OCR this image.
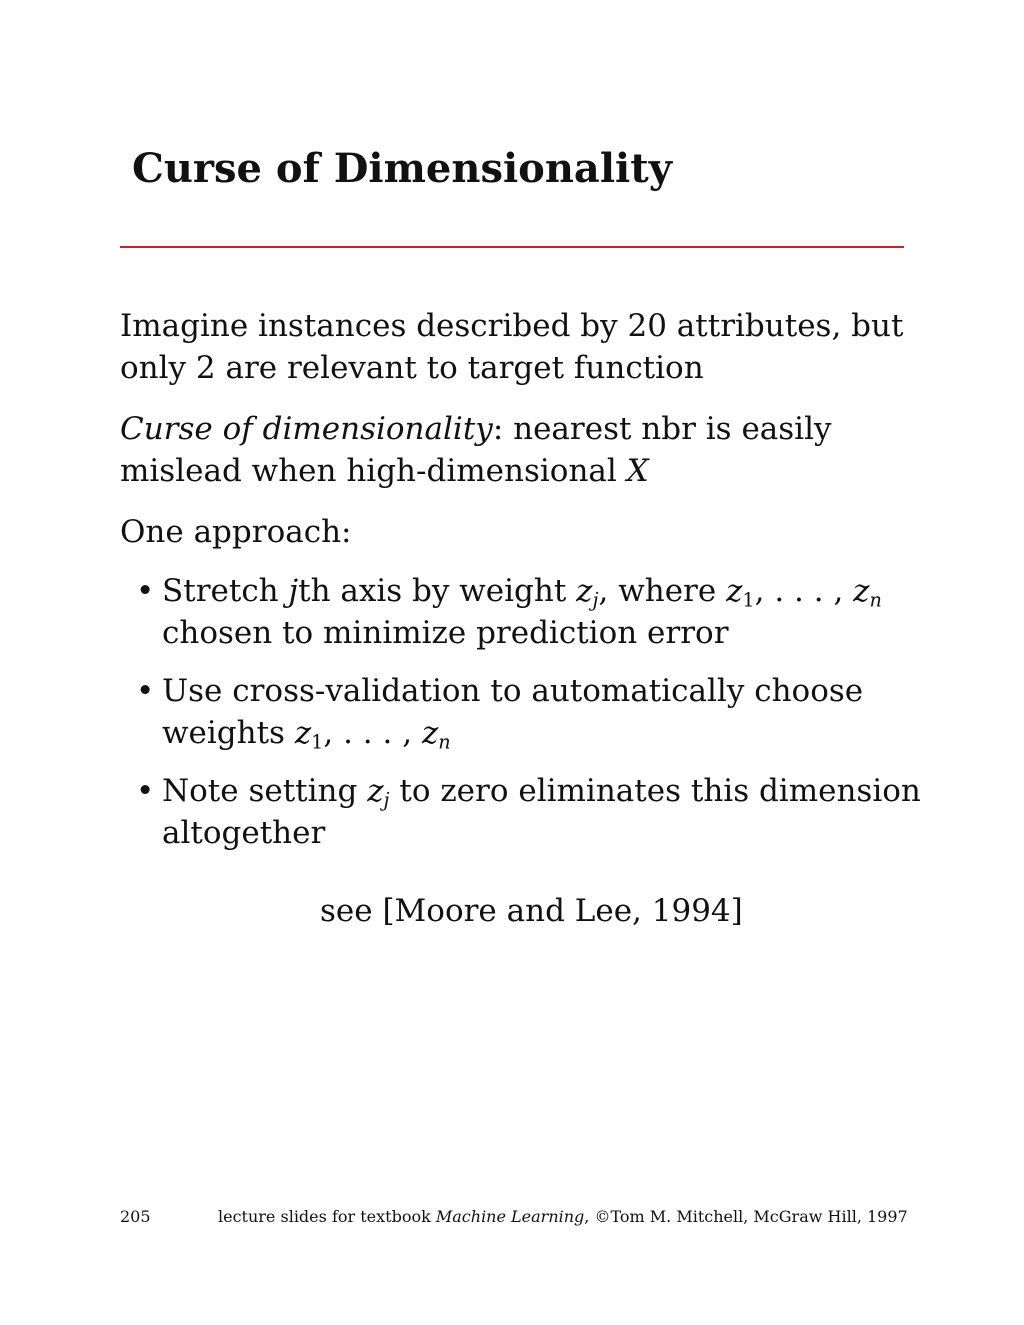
Curse of Dimensionality
Imagine instances described by 20 attributes, but
only 2 are relevant to target function
Curse of dimensionality: nearest nbr is easily
mislead when high-dimensional X
One approach:
• Stretch jth axis by weight $z_j$, where $z_1$, . . . , $z_n$
chosen to minimize prediction error
• Use cross-validation to automatically choose
weights $z_1$, . . . , $z_n$
• Note setting $z_j$ to zero eliminates this dimension
altogether
see [Moore and Lee, 1994]
205	lecture slides for textbook Machine Learning, ©Tom M. Mitchell, McGraw Hill, 1997
